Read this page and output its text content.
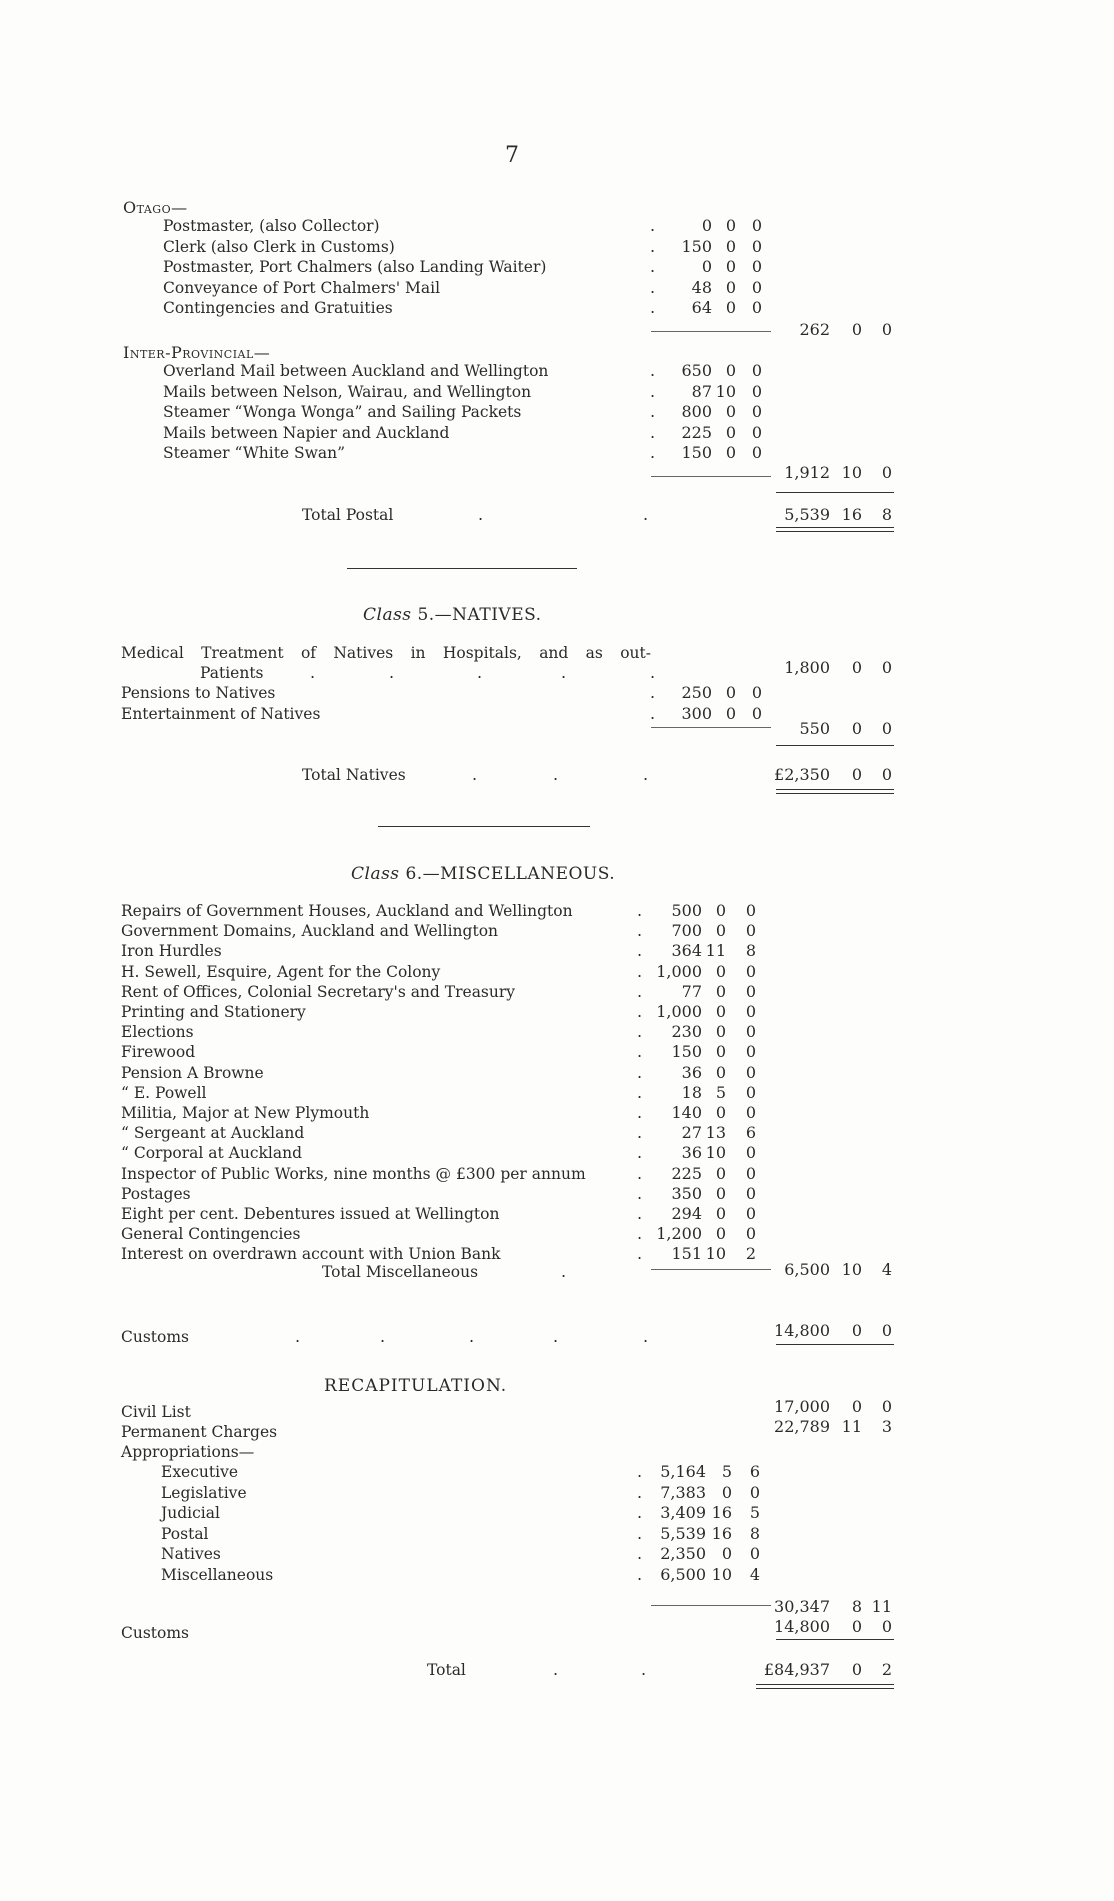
7
Otago—
Postmaster, (also Collector)	.	0 0 0
Clerk (also Clerk in Customs)	.	150 0 0
Postmaster, Port Chalmers (also Landing Waiter)	.	0 0 0
Conveyance of Port Chalmers' Mail	.	48 0 0
Contingencies and Gratuities	.	64 0 0
262	0	0
Inter-Provincial—
Overland Mail between Auckland and Wellington	.	650 0 0
Mails between Nelson, Wairau, and Wellington	.	87 10 0
Steamer “Wonga Wonga” and Sailing Packets	.	800 0 0
Mails between Napier and Auckland	.	225 0 0
Steamer “White Swan”	.	150 0 0
1,912 10	0
Total Postal	.	.	5,539 16	8
Class 5.—NATIVES.
Medical Treatment of Natives in Hospitals, and as out-
Patients	.	.	.	.	.	1,800	0	0
Pensions to Natives	.	250 0 0
Entertainment of Natives	.	300 0 0
550	0	0
Total Natives	.	.	.	£2,350	0	0
Class 6.—MISCELLANEOUS.
Repairs of Government Houses, Auckland and Wellington	.	500 0	0
Government Domains, Auckland and Wellington	.	700 0	0
Iron Hurdles	.	364 11	8
H. Sewell, Esquire, Agent for the Colony	. 1,000 0	0
Rent of Offices, Colonial Secretary's and Treasury	.	77 0	0
Printing and Stationery	. 1,000 0	0
Elections	.	230 0	0
Firewood	.	150 0	0
Pension A Browne	.	36 0	0
“ E. Powell	.	18 5	0
Militia, Major at New Plymouth	.	140 0	0
“ Sergeant at Auckland	.	27 13	6
“ Corporal at Auckland	.	36 10	0
Inspector of Public Works, nine months @ £300 per annum	.	225 0	0
Postages	.	350 0	0
Eight per cent. Debentures issued at Wellington	.	294 0	0
General Contingencies	. 1,200 0	0
Interest on overdrawn account with Union Bank	.	151 10	2
Total Miscellaneous	.	6,500 10	4
Customs	.	.	.	.	.	14,800	0	0
RECAPITULATION.
Civil List	17,000	0	0
Permanent Charges	22,789 11	3
Appropriations—
Executive	.	5,164 5	6
Legislative	.	7,383 0	0
Judicial	.	3,409 16	5
Postal	.	5,539 16	8
Natives	.	2,350 0	0
Miscellaneous	.	6,500 10	4
30,347	8 11
Customs	14,800	0	0
Total	.	.	£84,937	0	2
